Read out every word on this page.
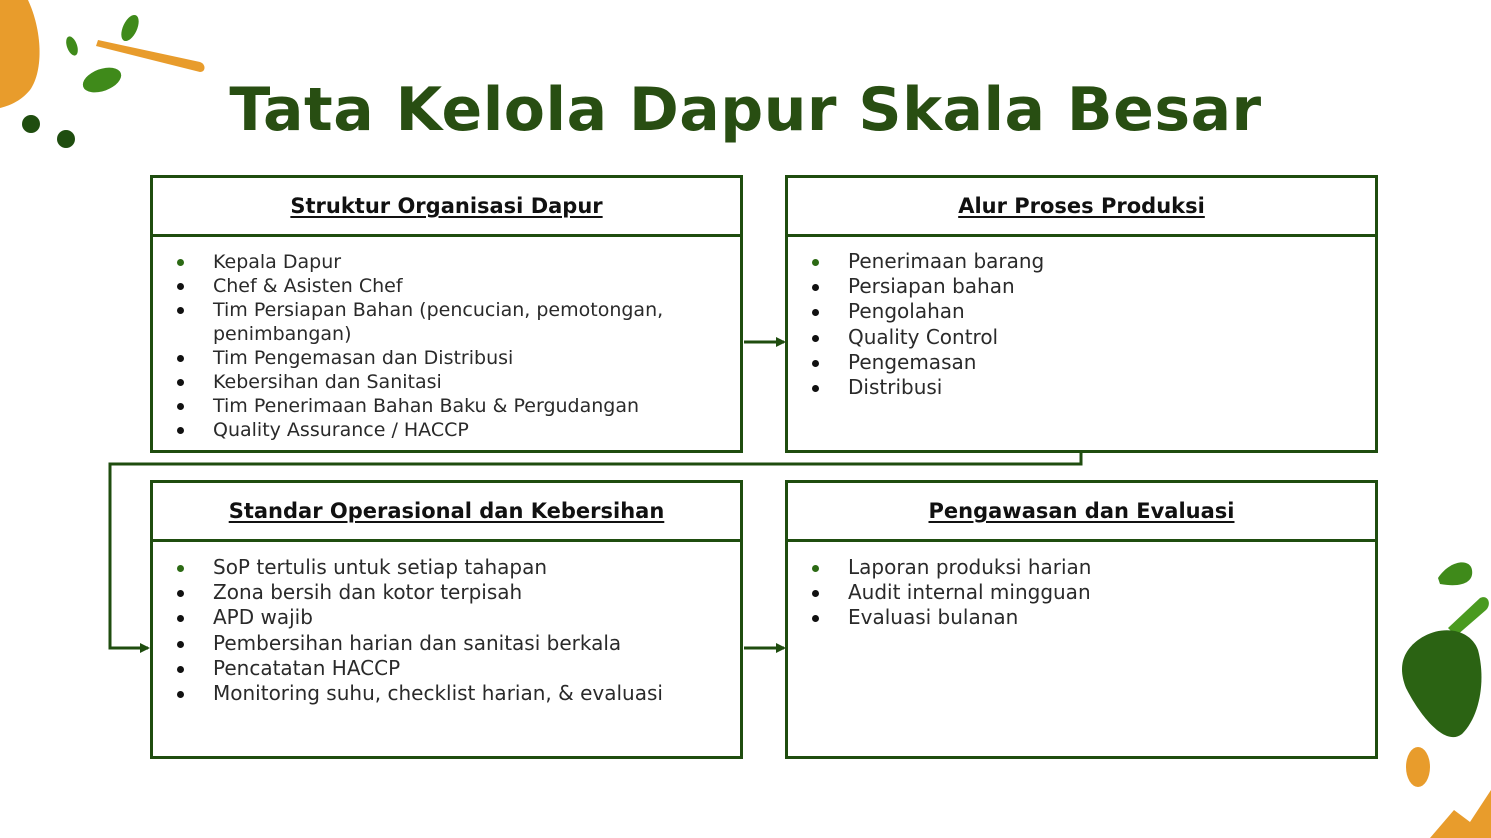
Tata Kelola Dapur Skala Besar
Struktur Organisasi Dapur
Kepala Dapur
Chef & Asisten Chef
Tim Persiapan Bahan (pencucian, pemotongan, penimbangan)
Tim Pengemasan dan Distribusi
Kebersihan dan Sanitasi
Tim Penerimaan Bahan Baku & Pergudangan
Quality Assurance / HACCP
Alur Proses Produksi
Penerimaan barang
Persiapan bahan
Pengolahan
Quality Control
Pengemasan
Distribusi
Standar Operasional dan Kebersihan
SoP tertulis untuk setiap tahapan
Zona bersih dan kotor terpisah
APD wajib
Pembersihan harian dan sanitasi berkala
Pencatatan HACCP
Monitoring suhu, checklist harian, & evaluasi
Pengawasan dan Evaluasi
Laporan produksi harian
Audit internal mingguan
Evaluasi bulanan
